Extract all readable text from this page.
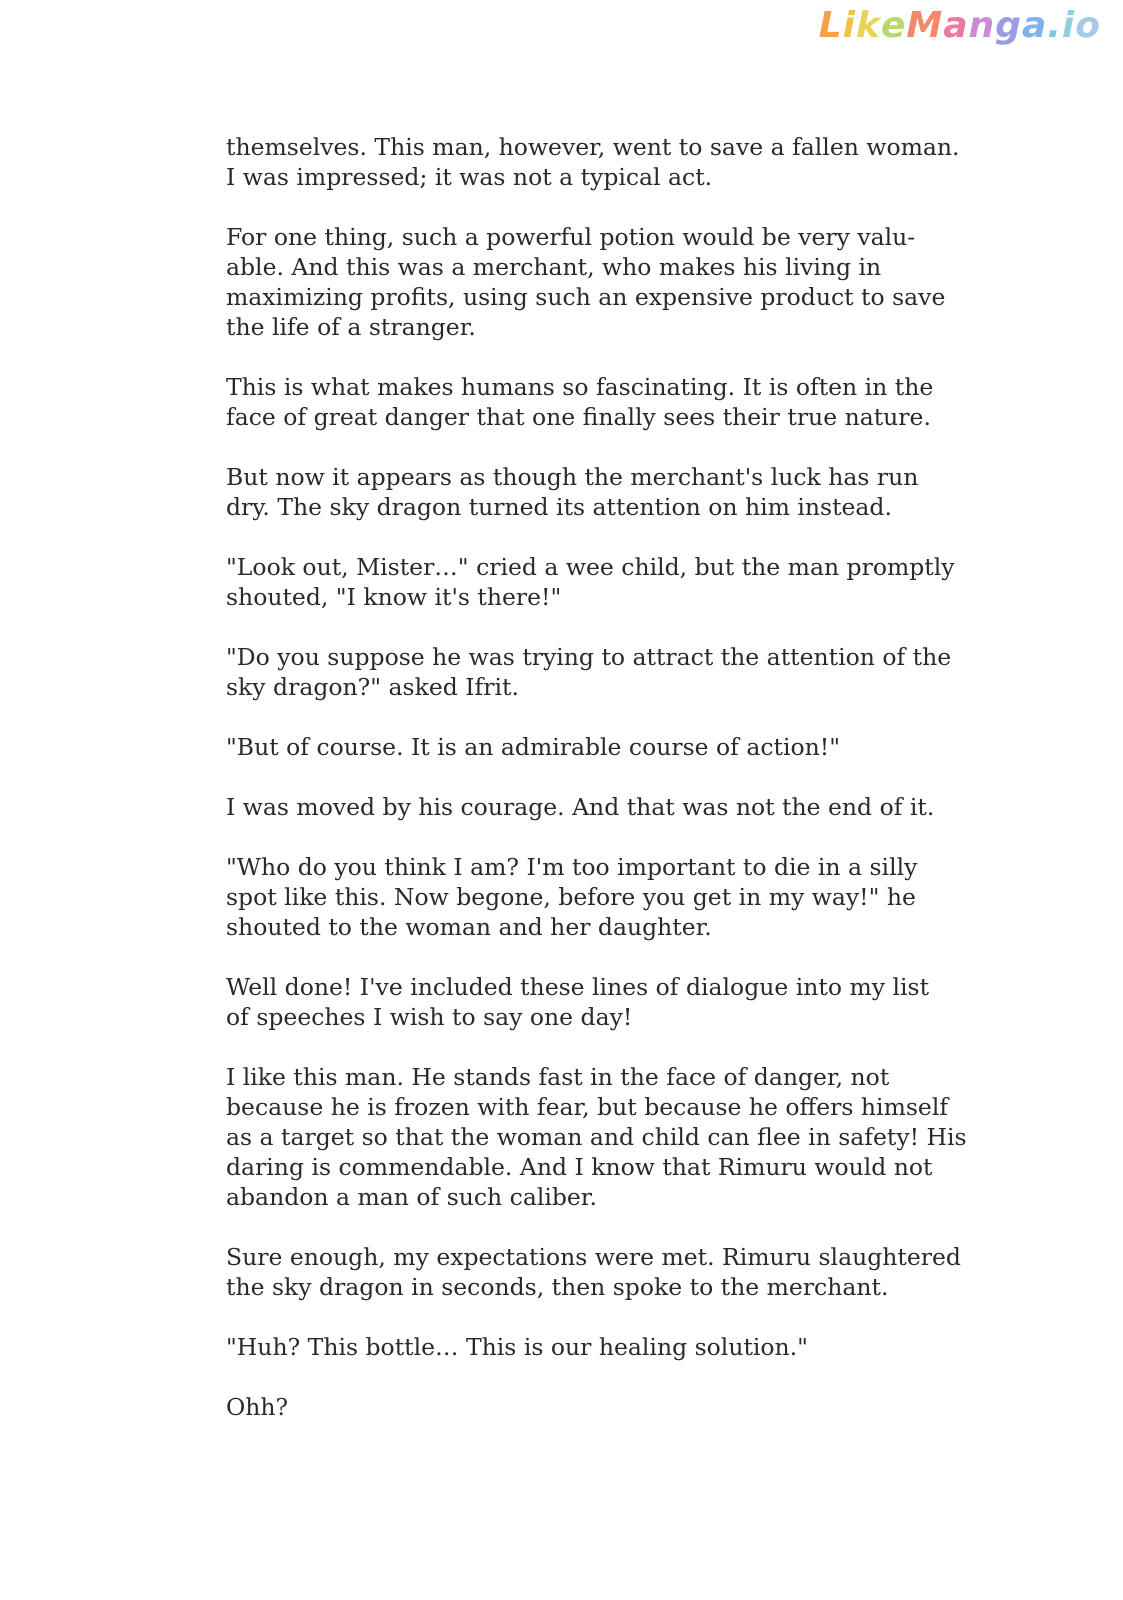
LikeManga.io

themselves. This man, however, went to save a fallen woman.
I was impressed; it was not a typical act.

For one thing, such a powerful potion would be very valu-
able. And this was a merchant, who makes his living in
maximizing profits, using such an expensive product to save
the life of a stranger.

This is what makes humans so fascinating. It is often in the
face of great danger that one finally sees their true nature.

But now it appears as though the merchant's luck has run
dry. The sky dragon turned its attention on him instead.

"Look out, Mister…" cried a wee child, but the man promptly
shouted, "I know it's there!"

"Do you suppose he was trying to attract the attention of the
sky dragon?" asked Ifrit.

"But of course. It is an admirable course of action!"

I was moved by his courage. And that was not the end of it.

"Who do you think I am? I'm too important to die in a silly
spot like this. Now begone, before you get in my way!" he
shouted to the woman and her daughter.

Well done! I've included these lines of dialogue into my list
of speeches I wish to say one day!

I like this man. He stands fast in the face of danger, not
because he is frozen with fear, but because he offers himself
as a target so that the woman and child can flee in safety! His
daring is commendable. And I know that Rimuru would not
abandon a man of such caliber.

Sure enough, my expectations were met. Rimuru slaughtered
the sky dragon in seconds, then spoke to the merchant.

"Huh? This bottle… This is our healing solution."

Ohh?
